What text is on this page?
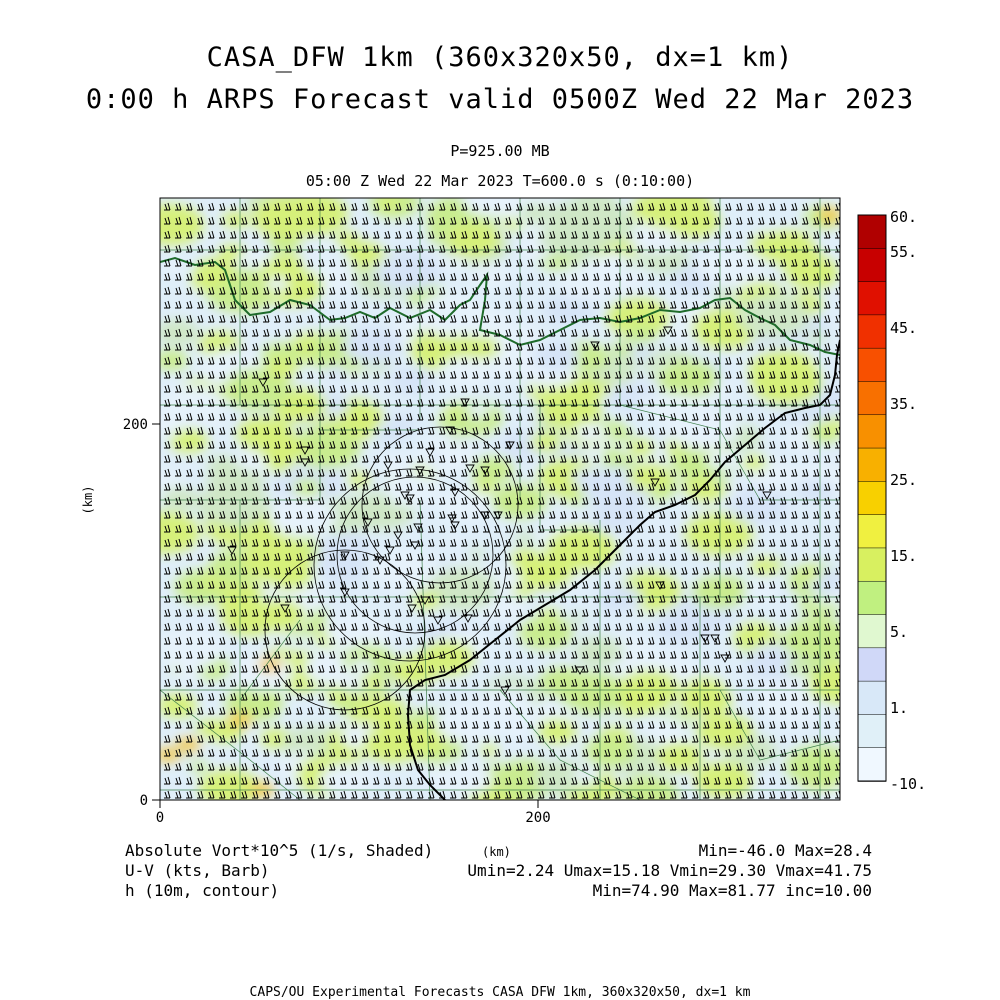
CASA_DFW 1km (360x320x50, dx=1 km)
0:00 h ARPS Forecast valid 0500Z Wed 22 Mar 2023
P=925.00 MB
05:00 Z Wed 22 Mar 2023 T=600.0 s (0:10:00)
60.
55.
45.
35.
25.
15.
5.
1.
-10.
0
200
0	200
(km)
Absolute Vort*10^5 (1/s, Shaded)
U-V (kts, Barb)
h (10m, contour)
(km)	Min=-46.0 Max=28.4
Umin=2.24 Umax=15.18 Vmin=29.30 Vmax=41.75
Min=74.90 Max=81.77 inc=10.00
CAPS/OU Experimental Forecasts CASA DFW 1km, 360x320x50, dx=1 km
